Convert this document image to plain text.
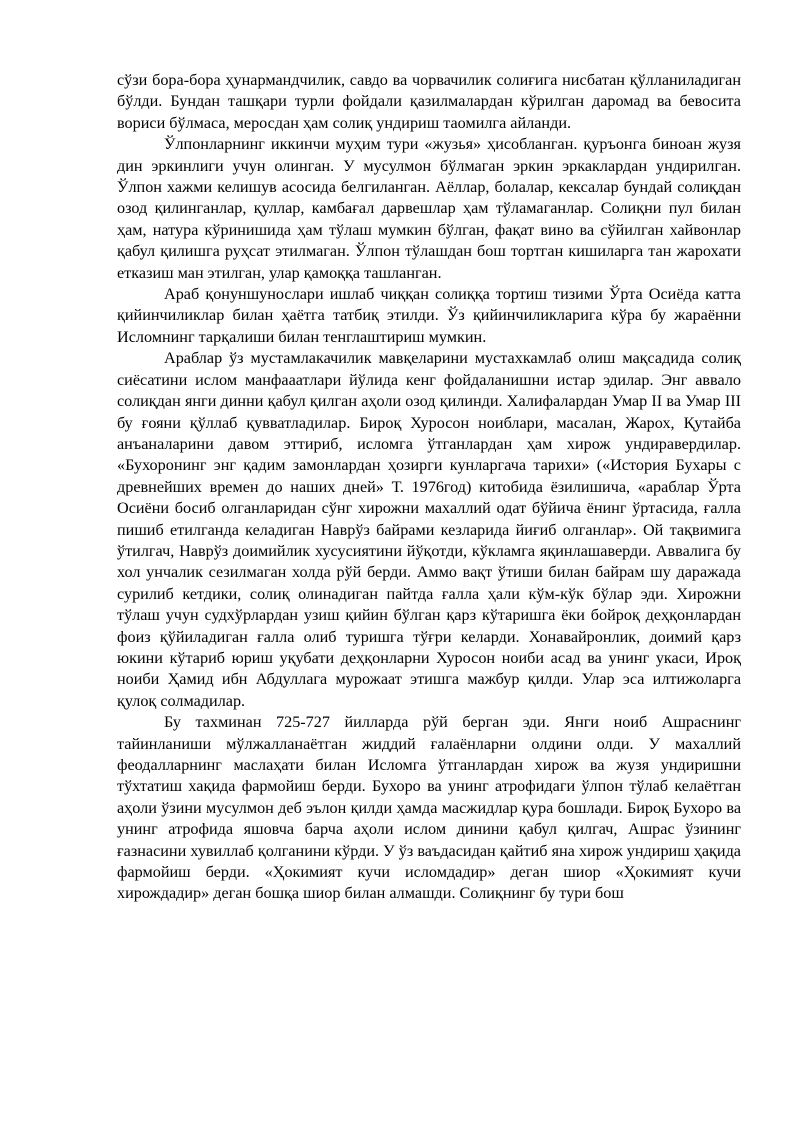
сўзи бора-бора ҳунармандчилик, савдо ва чорвачилик солиғига нисбатан қўлланиладиган бўлди. Бундан ташқари турли фойдали қазилмалардан кўрилган даромад ва бевосита вориси бўлмаса, меросдан ҳам солиқ ундириш таомилга айланди.

Ўлпонларнинг иккинчи муҳим тури «жузья» ҳисобланган. қуръонга биноан жузя дин эркинлиги учун олинган. У мусулмон бўлмаган эркин эркаклардан ундирилган. Ўлпон хажми келишув асосида белгиланган. Аёллар, болалар, кексалар бундай солиқдан озод қилинганлар, қуллар, камбағал дарвешлар ҳам тўламаганлар. Солиқни пул билан ҳам, натура кўринишида ҳам тўлаш мумкин бўлган, фақат вино ва сўйилган хайвонлар қабул қилишга руҳсат этилмаган. Ўлпон тўлашдан бош тортган кишиларга тан жарохати етказиш ман этилган, улар қамоққа ташланган.

Араб қонуншунослари ишлаб чиққан солиққа тортиш тизими Ўрта Осиёда катта қийинчиликлар билан ҳаётга татбиқ этилди. Ўз қийинчиликларига кўра бу жараённи Исломнинг тарқалиши билан тенглаштириш мумкин.

Араблар ўз мустамлакачилик мавқеларини мустахкамлаб олиш мақсадида солиқ сиёсатини ислом манфааатлари йўлида кенг фойдаланишни истар эдилар. Энг аввало солиқдан янги динни қабул қилган аҳоли озод қилинди. Халифалардан Умар II ва Умар III бу ғояни қўллаб қувватладилар. Бироқ Хуросон ноиблари, масалан, Жарох, Қутайба анъаналарини давом эттириб, исломга ўтганлардан ҳам хирож ундиравердилар. «Бухоронинг энг қадим замонлардан ҳозирги кунларгача тарихи» («История Бухары с древнейших времен до наших дней» Т. 1976год) китобида ёзилишича, «араблар Ўрта Осиёни босиб олганларидан сўнг хирожни махаллий одат бўйича ёнинг ўртасида, ғалла пишиб етилганда келадиган Наврўз байрами кезларида йиғиб олганлар». Ой тақвимига ўтилгач, Наврўз доимийлик хусусиятини йўқотди, кўкламга яқинлашаверди. Аввалига бу хол унчалик сезилмаган холда рўй берди. Аммо вақт ўтиши билан байрам шу даражада сурилиб кетдики, солиқ олинадиган пайтда ғалла ҳали кўм-кўк бўлар эди. Хирожни тўлаш учун судхўрлардан узиш қийин бўлган қарз кўтаришга ёки бойроқ деҳқонлардан фоиз қўйиладиган ғалла олиб туришга тўғри келарди. Хонавайронлик, доимий қарз юкини кўтариб юриш уқубати деҳқонларни Хуросон ноиби асад ва унинг укаси, Ироқ ноиби Ҳамид ибн Абдуллага мурожаат этишга мажбур қилди. Улар эса илтижоларга қулоқ солмадилар.

Бу тахминан 725-727 йилларда рўй берган эди. Янги ноиб Ашраснинг тайинланиши мўлжалланаётган жиддий ғалаёнларни олдини олди. У махаллий феодалларнинг маслаҳати билан Исломга ўтганлардан хирож ва жузя ундиришни тўхтатиш хақида фармойиш берди. Бухоро ва унинг атрофидаги ўлпон тўлаб келаётган аҳоли ўзини мусулмон деб эълон қилди ҳамда масжидлар қура бошлади. Бироқ Бухоро ва унинг атрофида яшовча барча аҳоли ислом динини қабул қилгач, Ашрас ўзининг ғазнасини хувиллаб қолганини кўрди. У ўз ваъдасидан қайтиб яна хирож ундириш ҳақида фармойиш берди. «Ҳокимият кучи исломдадир» деган шиор «Ҳокимият кучи хирождадир» деган бошқа шиор билан алмашди. Солиқнинг бу тури бош
